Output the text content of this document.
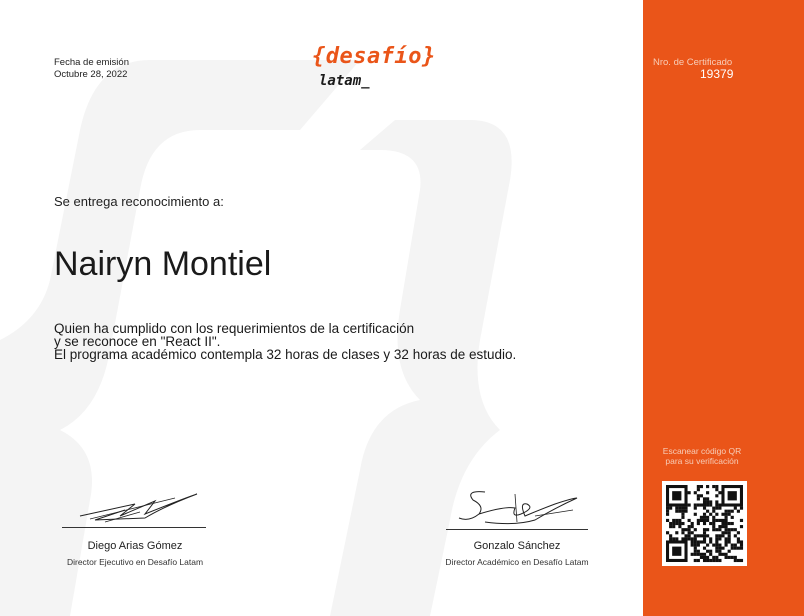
Fecha de emisión
Octubre 28, 2022
{desafío}
latam_
Nro. de Certificado
19379
Se entrega reconocimiento a:
Nairyn Montiel
Quien ha cumplido con los requerimientos de la certificación
y se reconoce en "React II".
El programa académico contempla 32 horas de clases y 32 horas de estudio.
Escanear código QR
para su verificación
Diego Arias Gómez
Director Ejecutivo en Desafío Latam
Gonzalo Sánchez
Director Académico en Desafío Latam
